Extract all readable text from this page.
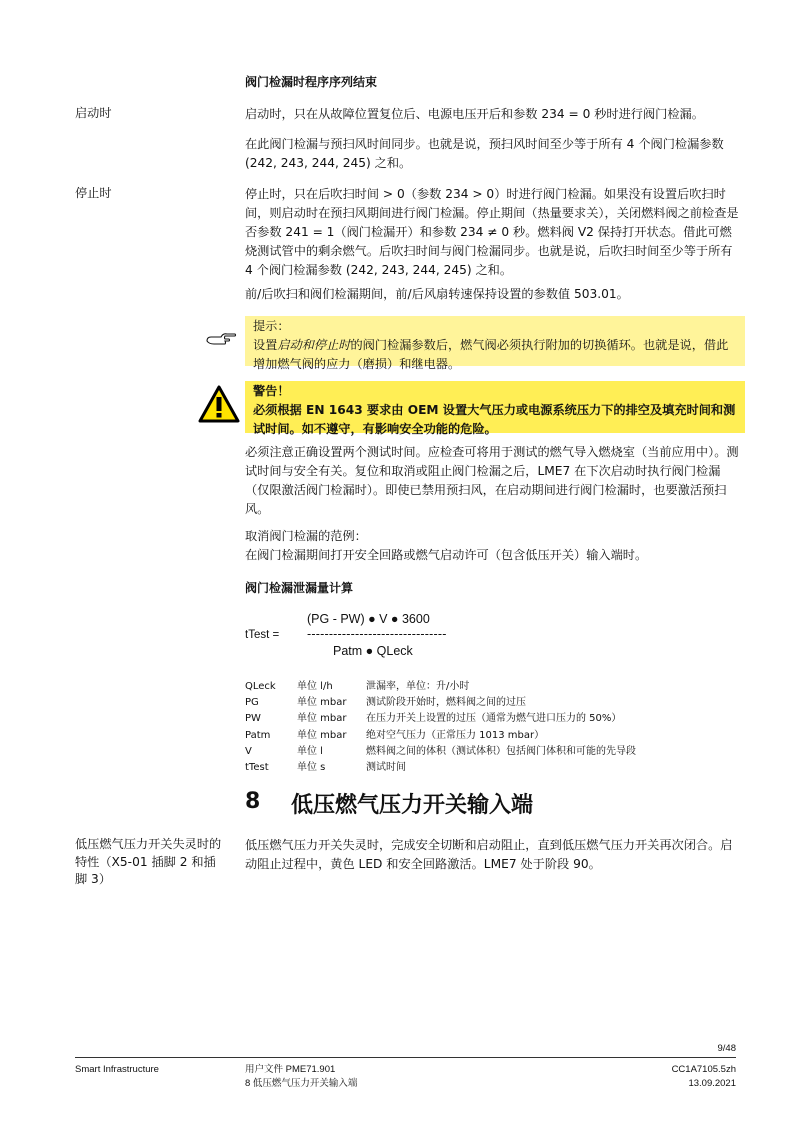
阀门检漏时程序序列结束
启动时	启动时，只在从故障位置复位后、电源电压开后和参数 234 = 0 秒时进行阀门检漏。
在此阀门检漏与预扫风时间同步。也就是说，预扫风时间至少等于所有 4 个阀门检漏参数 (242, 243, 244, 245) 之和。
停止时	停止时，只在后吹扫时间 > 0（参数 234 > 0）时进行阀门检漏。如果没有设置后吹扫时间，则启动时在预扫风期间进行阀门检漏。停止期间（热量要求关），关闭燃料阀之前检查是否参数 241 = 1（阀门检漏开）和参数 234 ≠ 0 秒。燃料阀 V2 保持打开状态。借此可燃烧测试管中的剩余燃气。后吹扫时间与阀门检漏同步。也就是说，后吹扫时间至少等于所有 4 个阀门检漏参数 (242, 243, 244, 245) 之和。
前/后吹扫和阀们检漏期间，前/后风扇转速保持设置的参数值 503.01。
提示：
设置启动和停止时的阀门检漏参数后，燃气阀必须执行附加的切换循环。也就是说，借此增加燃气阀的应力（磨损）和继电器。
警告！
必须根据 EN 1643 要求由 OEM 设置大气压力或电源系统压力下的排空及填充时间和测试时间。如不遵守，有影响安全功能的危险。
必须注意正确设置两个测试时间。应检查可将用于测试的燃气导入燃烧室（当前应用中）。测试时间与安全有关。复位和取消或阻止阀门检漏之后，LME7 在下次启动时执行阀门检漏（仅限激活阀门检漏时）。即使已禁用预扫风，在启动期间进行阀门检漏时，也要激活预扫风。
取消阀门检漏的范例：
在阀门检漏期间打开安全回路或燃气启动许可（包含低压开关）输入端时。
阀门检漏泄漏量计算
(PG - PW) ● V ● 3600
tTest = --------------------------------
Patm ● QLeck
QLeck 单位 l/h	泄漏率，单位：升/小时
PG	单位 mbar 测试阶段开始时，燃料阀之间的过压
PW	单位 mbar 在压力开关上设置的过压（通常为燃气进口压力的 50%）
Patm	单位 mbar 绝对空气压力（正常压力 1013 mbar）
V	单位 l	燃料阀之间的体积（测试体积）包括阀门体积和可能的先导段
tTest	单位 s	测试时间
8 低压燃气压力开关输入端
低压燃气压力开关失灵时的特性（X5-01 插脚 2 和插脚 3）
低压燃气压力开关失灵时，完成安全切断和启动阻止，直到低压燃气压力开关再次闭合。启动阻止过程中，黄色 LED 和安全回路激活。LME7 处于阶段 90。
9/48
Smart Infrastructure	用户文件 PME71.901
8 低压燃气压力开关输入端
CC1A7105.5zh
13.09.2021
